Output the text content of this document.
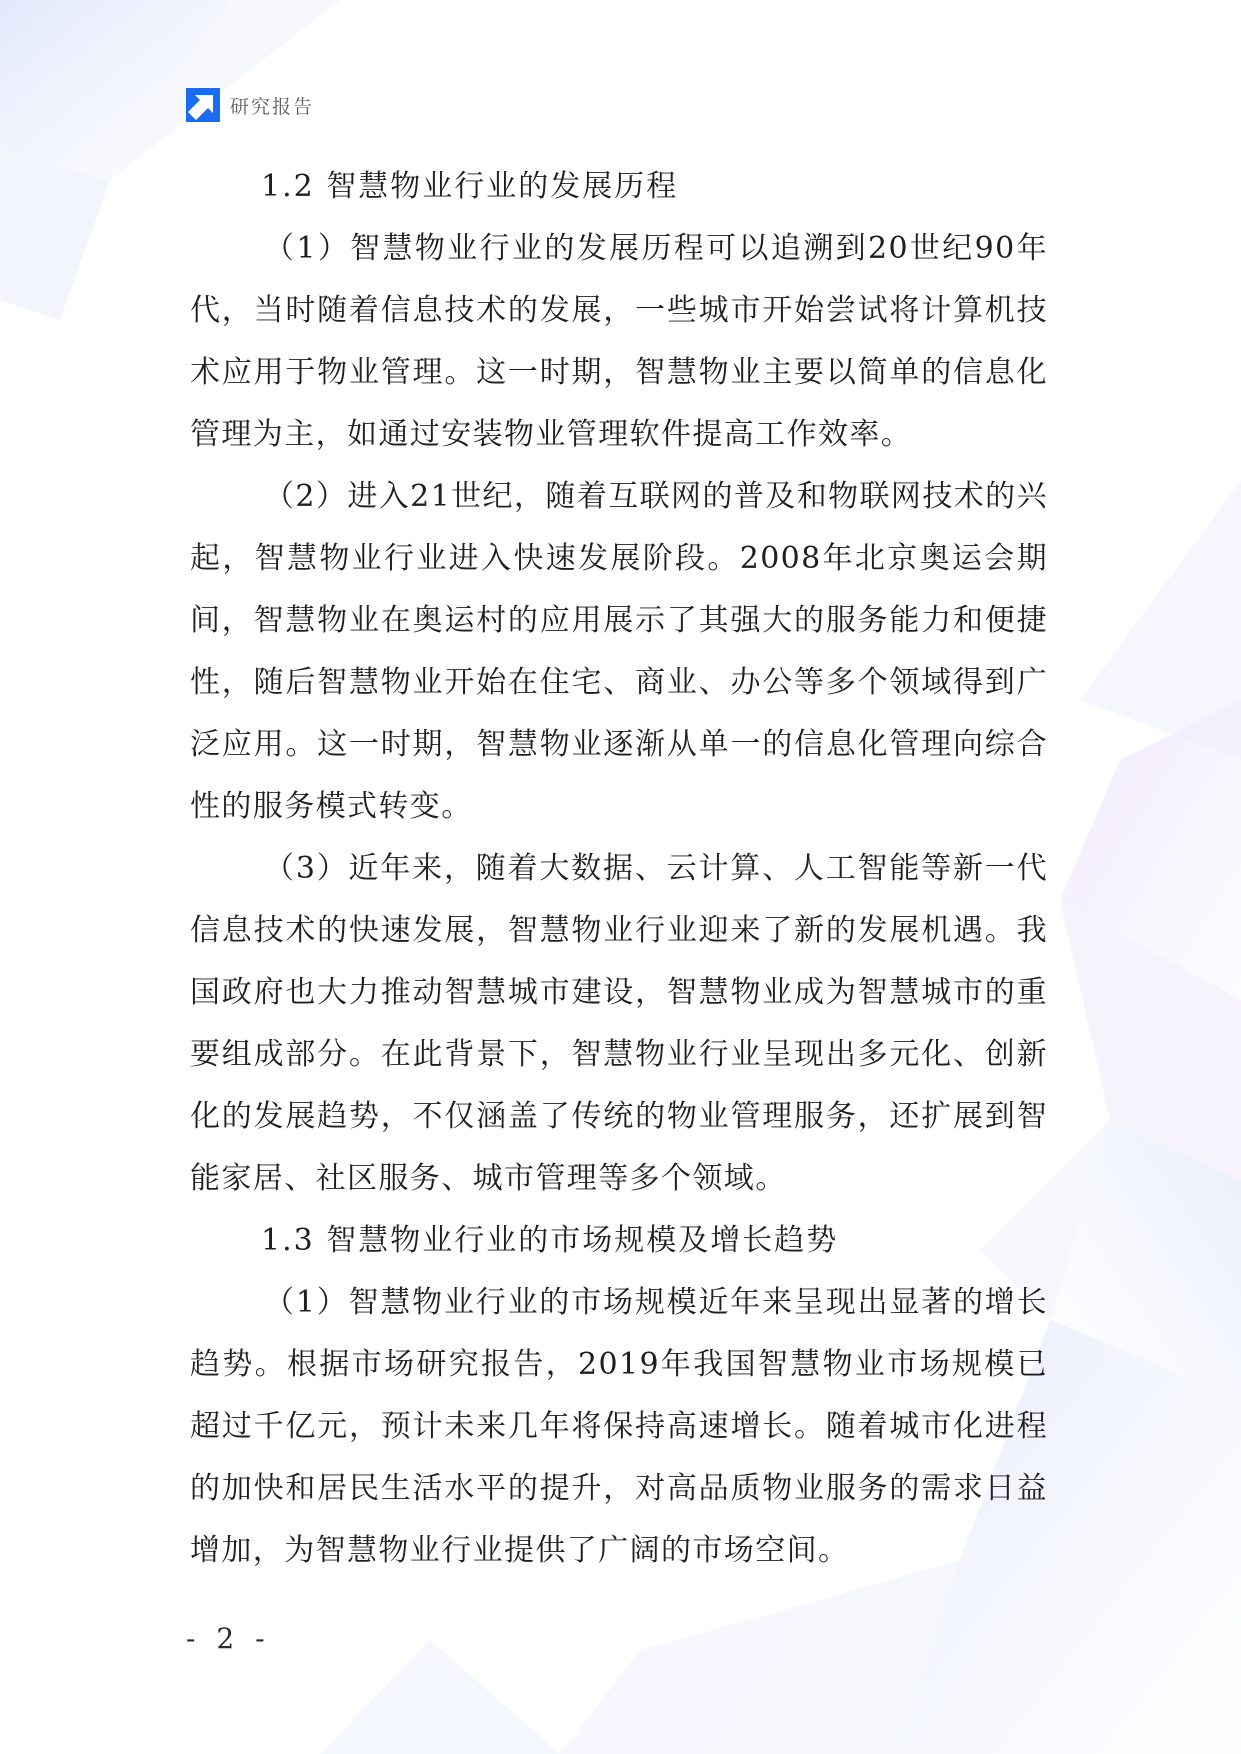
研究报告
1.2 智慧物业行业的发展历程

（1）智慧物业行业的发展历程可以追溯到20世纪90年代，当时随着信息技术的发展，一些城市开始尝试将计算机技术应用于物业管理。这一时期，智慧物业主要以简单的信息化管理为主，如通过安装物业管理软件提高工作效率。

（2）进入21世纪，随着互联网的普及和物联网技术的兴起，智慧物业行业进入快速发展阶段。2008年北京奥运会期间，智慧物业在奥运村的应用展示了其强大的服务能力和便捷性，随后智慧物业开始在住宅、商业、办公等多个领域得到广泛应用。这一时期，智慧物业逐渐从单一的信息化管理向综合性的服务模式转变。

（3）近年来，随着大数据、云计算、人工智能等新一代信息技术的快速发展，智慧物业行业迎来了新的发展机遇。我国政府也大力推动智慧城市建设，智慧物业成为智慧城市的重要组成部分。在此背景下，智慧物业行业呈现出多元化、创新化的发展趋势，不仅涵盖了传统的物业管理服务，还扩展到智能家居、社区服务、城市管理等多个领域。

1.3 智慧物业行业的市场规模及增长趋势

（1）智慧物业行业的市场规模近年来呈现出显著的增长趋势。根据市场研究报告，2019年我国智慧物业市场规模已超过千亿元，预计未来几年将保持高速增长。随着城市化进程的加快和居民生活水平的提升，对高品质物业服务的需求日益增加，为智慧物业行业提供了广阔的市场空间。

- 2 -
